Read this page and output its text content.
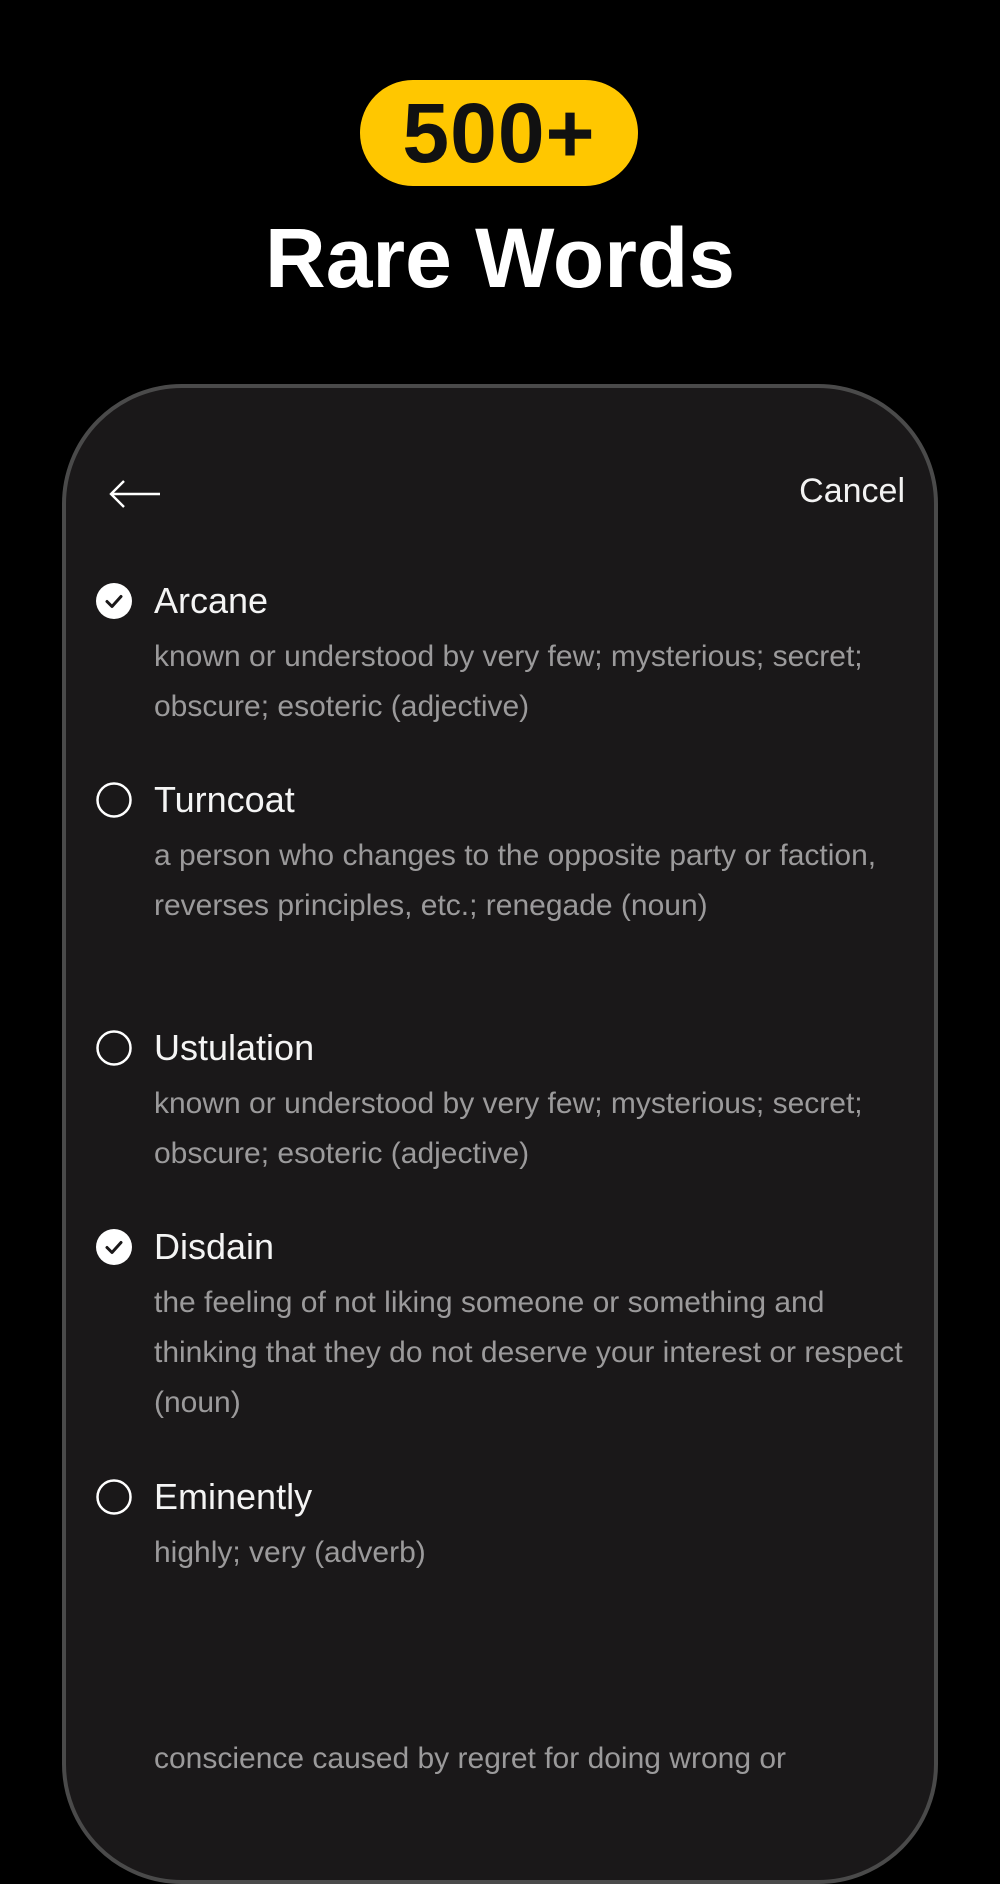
500+
Rare Words
Cancel
Arcane
known or understood by very few; mysterious; secret; obscure; esoteric (adjective)
Turncoat
a person who changes to the opposite party or faction, reverses principles, etc.; renegade (noun)
Ustulation
known or understood by very few; mysterious; secret; obscure; esoteric (adjective)
Disdain
the feeling of not liking someone or something and thinking that they do not deserve your interest or respect (noun)
Eminently
highly; very (adverb)
conscience caused by regret for doing wrong or
